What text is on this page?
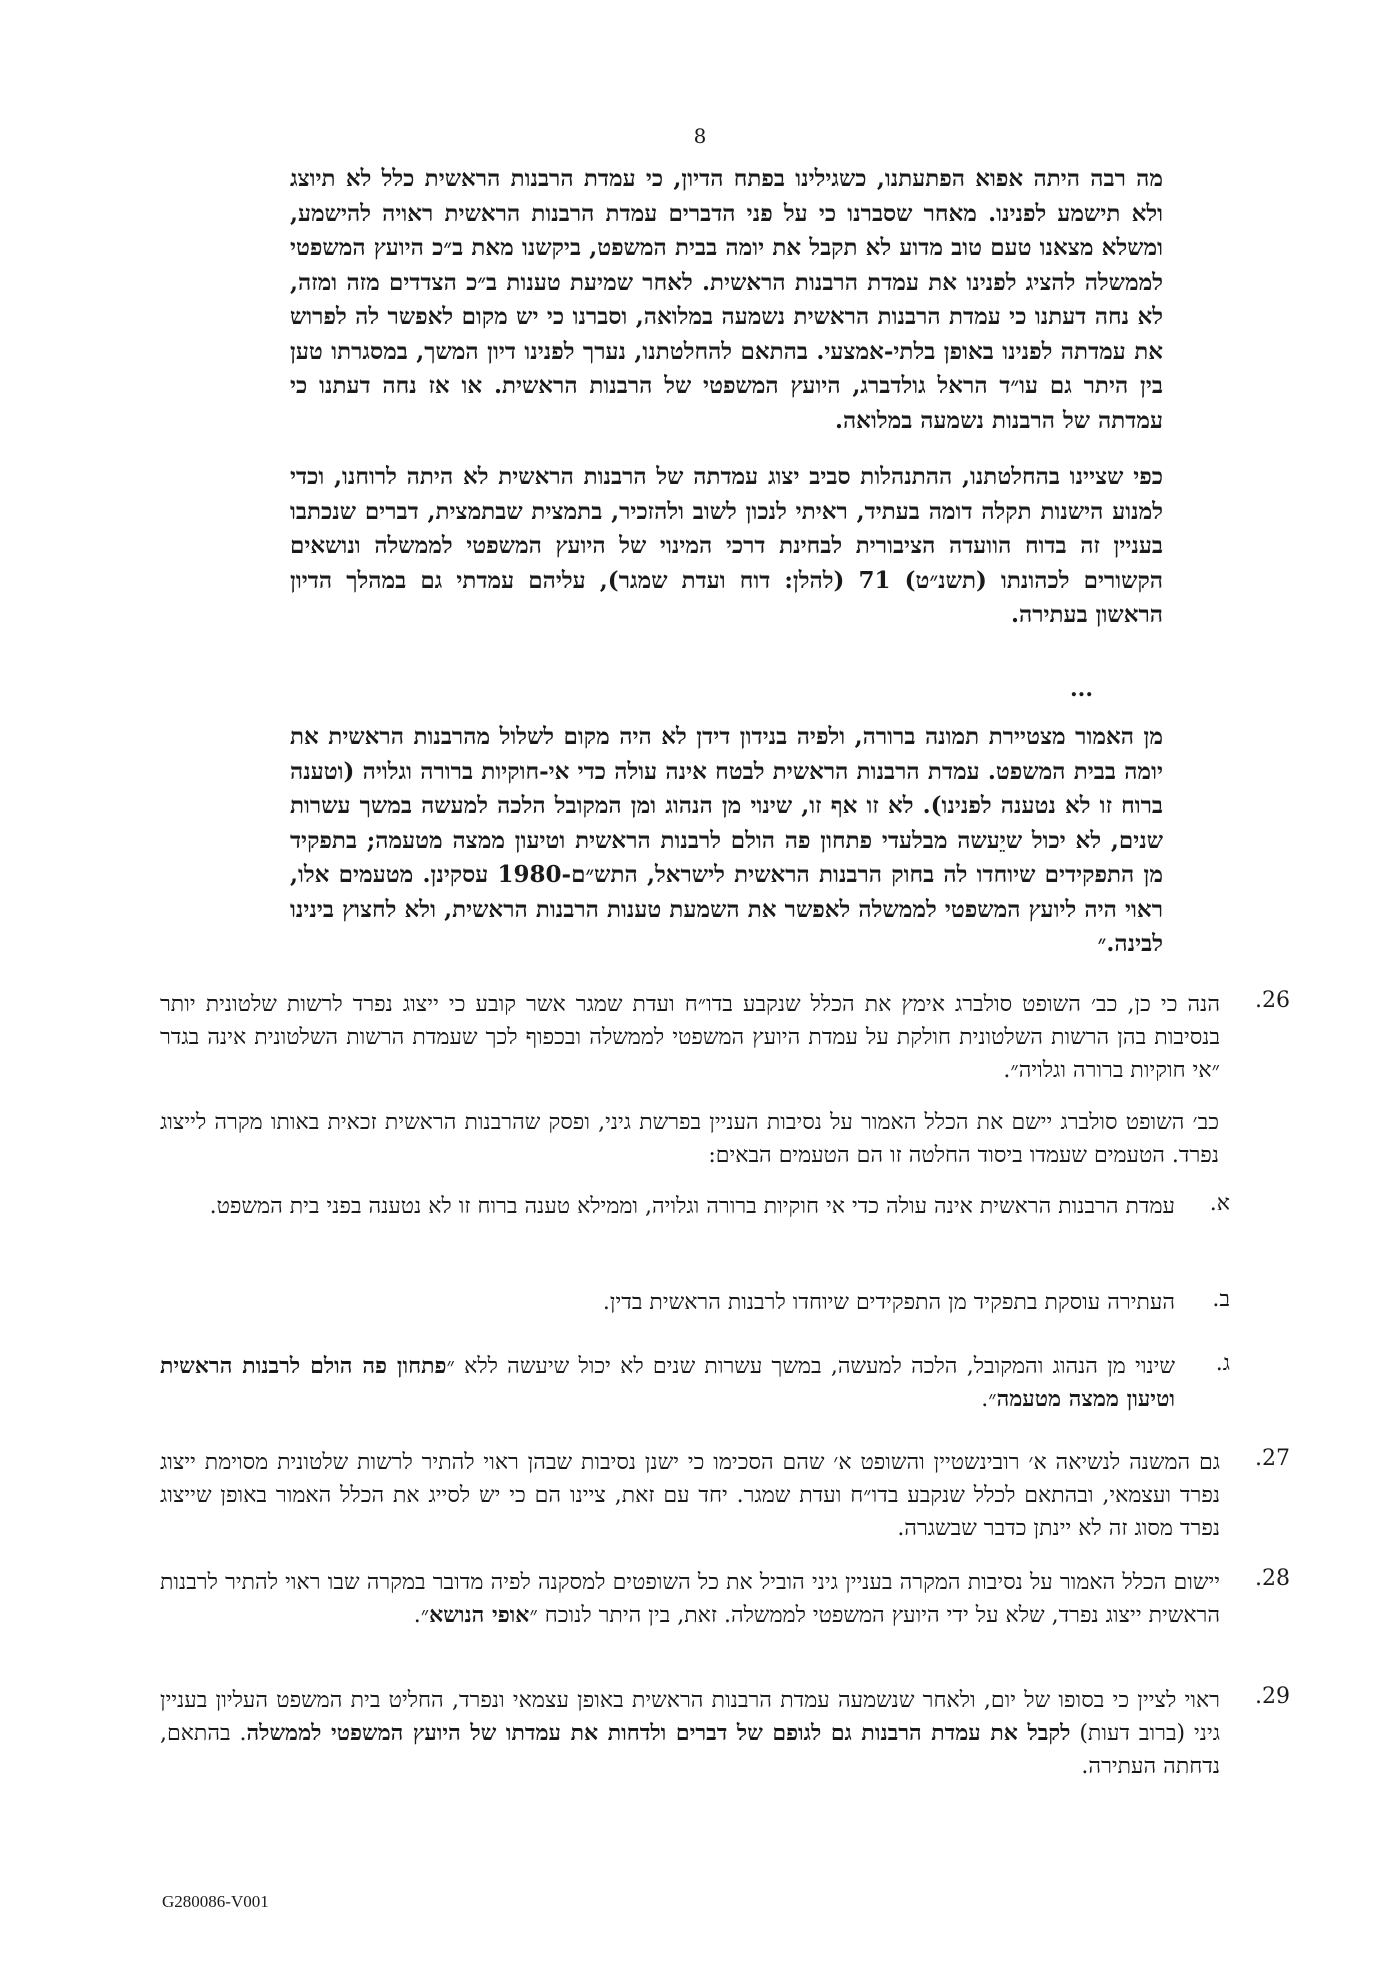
8
מה רבה היתה אפוא הפתעתנו, כשגילינו בפתח הדיון, כי עמדת הרבנות הראשית כלל לא תיוצג ולא תישמע לפנינו. מאחר שסברנו כי על פני הדברים עמדת הרבנות הראשית ראויה להישמע, ומשלא מצאנו טעם טוב מדוע לא תקבל את יומה בבית המשפט, ביקשנו מאת ב״כ היועץ המשפטי לממשלה להציג לפנינו את עמדת הרבנות הראשית. לאחר שמיעת טענות ב״כ הצדדים מזה ומזה, לא נחה דעתנו כי עמדת הרבנות הראשית נשמעה במלואה, וסברנו כי יש מקום לאפשר לה לפרוש את עמדתה לפנינו באופן בלתי-אמצעי. בהתאם להחלטתנו, נערך לפנינו דיון המשך, במסגרתו טען בין היתר גם עו״ד הראל גולדברג, היועץ המשפטי של הרבנות הראשית. או אז נחה דעתנו כי עמדתה של הרבנות נשמעה במלואה.
כפי שציינו בהחלטתנו, ההתנהלות סביב יצוג עמדתה של הרבנות הראשית לא היתה לרוחנו, וכדי למנוע הישנות תקלה דומה בעתיד, ראיתי לנכון לשוב ולהזכיר, בתמצית שבתמצית, דברים שנכתבו בעניין זה בדוח הוועדה הציבורית לבחינת דרכי המינוי של היועץ המשפטי לממשלה ונושאים הקשורים לכהונתו (תשנ״ט) 71 (להלן: דוח ועדת שמגר), עליהם עמדתי גם במהלך הדיון הראשון בעתירה.
...
מן האמור מצטיירת תמונה ברורה, ולפיה בנידון דידן לא היה מקום לשלול מהרבנות הראשית את יומה בבית המשפט. עמדת הרבנות הראשית לבטח אינה עולה כדי אי-חוקיות ברורה וגלויה (וטענה ברוח זו לא נטענה לפנינו). לא זו אף זו, שינוי מן הנהוג ומן המקובל הלכה למעשה במשך עשרות שנים, לא יכול שיֵעשה מבלעדי פתחון פה הולם לרבנות הראשית וטיעון ממצה מטעמה; בתפקיד מן התפקידים שיוחדו לה בחוק הרבנות הראשית לישראל, התש״ם-1980 עסקינן. מטעמים אלו, ראוי היה ליועץ המשפטי לממשלה לאפשר את השמעת טענות הרבנות הראשית, ולא לחצוץ בינינו לבינה.״
.26
הנה כי כן, כב׳ השופט סולברג אימץ את הכלל שנקבע בדו״ח ועדת שמגר אשר קובע כי ייצוג נפרד לרשות שלטונית יותר בנסיבות בהן הרשות השלטונית חולקת על עמדת היועץ המשפטי לממשלה ובכפוף לכך שעמדת הרשות השלטונית אינה בגדר ״אי חוקיות ברורה וגלויה״.
כב׳ השופט סולברג יישם את הכלל האמור על נסיבות העניין בפרשת גיני, ופסק שהרבנות הראשית זכאית באותו מקרה לייצוג נפרד. הטעמים שעמדו ביסוד החלטה זו הם הטעמים הבאים:
א.
עמדת הרבנות הראשית אינה עולה כדי אי חוקיות ברורה וגלויה, וממילא טענה ברוח זו לא נטענה בפני בית המשפט.
ב.
העתירה עוסקת בתפקיד מן התפקידים שיוחדו לרבנות הראשית בדין.
ג.
שינוי מן הנהוג והמקובל, הלכה למעשה, במשך עשרות שנים לא יכול שיעשה ללא ״פתחון פה הולם לרבנות הראשית וטיעון ממצה מטעמה״.
.27
גם המשנה לנשיאה א׳ רובינשטיין והשופט א׳ שהם הסכימו כי ישנן נסיבות שבהן ראוי להתיר לרשות שלטונית מסוימת ייצוג נפרד ועצמאי, ובהתאם לכלל שנקבע בדו״ח ועדת שמגר. יחד עם זאת, ציינו הם כי יש לסייג את הכלל האמור באופן שייצוג נפרד מסוג זה לא יינתן כדבר שבשגרה.
.28
יישום הכלל האמור על נסיבות המקרה בעניין גיני הוביל את כל השופטים למסקנה לפיה מדובר במקרה שבו ראוי להתיר לרבנות הראשית ייצוג נפרד, שלא על ידי היועץ המשפטי לממשלה. זאת, בין היתר לנוכח ״אופי הנושא״.
.29
ראוי לציין כי בסופו של יום, ולאחר שנשמעה עמדת הרבנות הראשית באופן עצמאי ונפרד, החליט בית המשפט העליון בעניין גיני (ברוב דעות) לקבל את עמדת הרבנות גם לגופם של דברים ולדחות את עמדתו של היועץ המשפטי לממשלה. בהתאם, נדחתה העתירה.
G280086-V001
